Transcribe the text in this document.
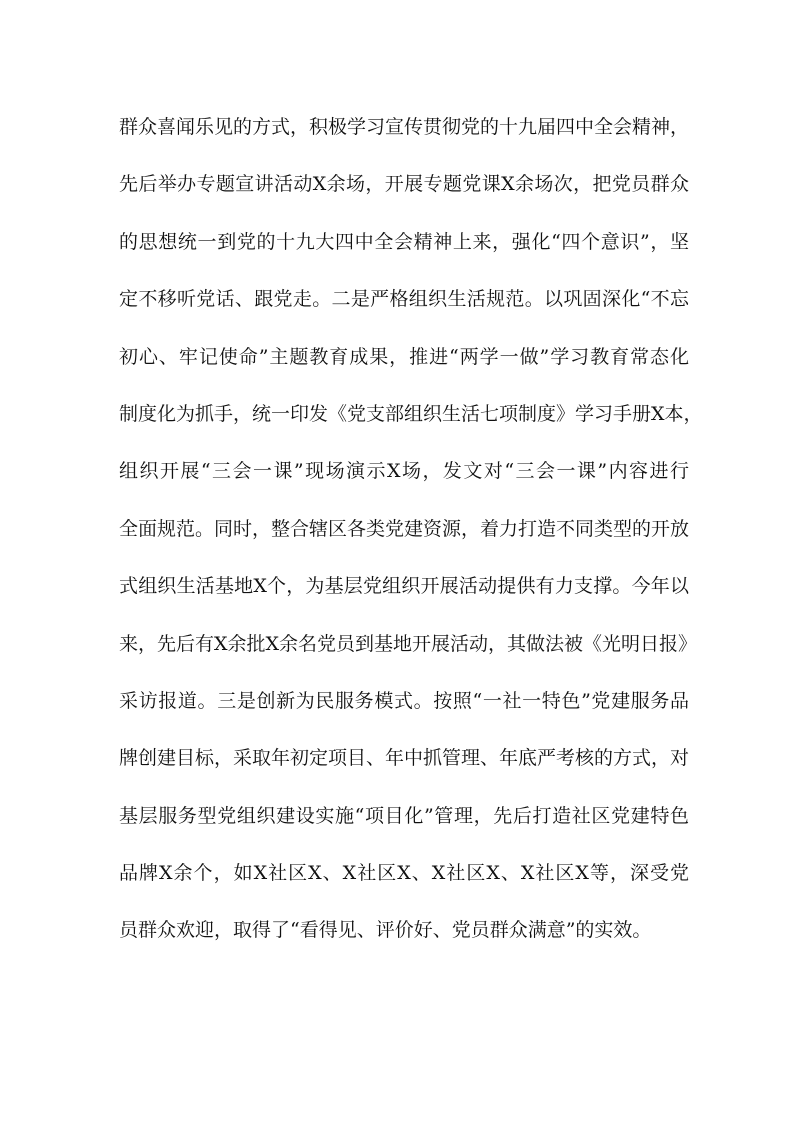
群众喜闻乐见的方式，积极学习宣传贯彻党的十九届四中全会精神，
先后举办专题宣讲活动X余场，开展专题党课X余场次，把党员群众
的思想统一到党的十九大四中全会精神上来，强化“四个意识”，坚
定不移听党话、跟党走。二是严格组织生活规范。以巩固深化“不忘
初心、牢记使命”主题教育成果，推进“两学一做”学习教育常态化
制度化为抓手，统一印发《党支部组织生活七项制度》学习手册X本，
组织开展“三会一课”现场演示X场，发文对“三会一课”内容进行
全面规范。同时，整合辖区各类党建资源，着力打造不同类型的开放
式组织生活基地X个，为基层党组织开展活动提供有力支撑。今年以
来，先后有X余批X余名党员到基地开展活动，其做法被《光明日报》
采访报道。三是创新为民服务模式。按照“一社一特色”党建服务品
牌创建目标，采取年初定项目、年中抓管理、年底严考核的方式，对
基层服务型党组织建设实施“项目化”管理，先后打造社区党建特色
品牌X余个，如X社区X、X社区X、X社区X、X社区X等，深受党
员群众欢迎，取得了“看得见、评价好、党员群众满意”的实效。
